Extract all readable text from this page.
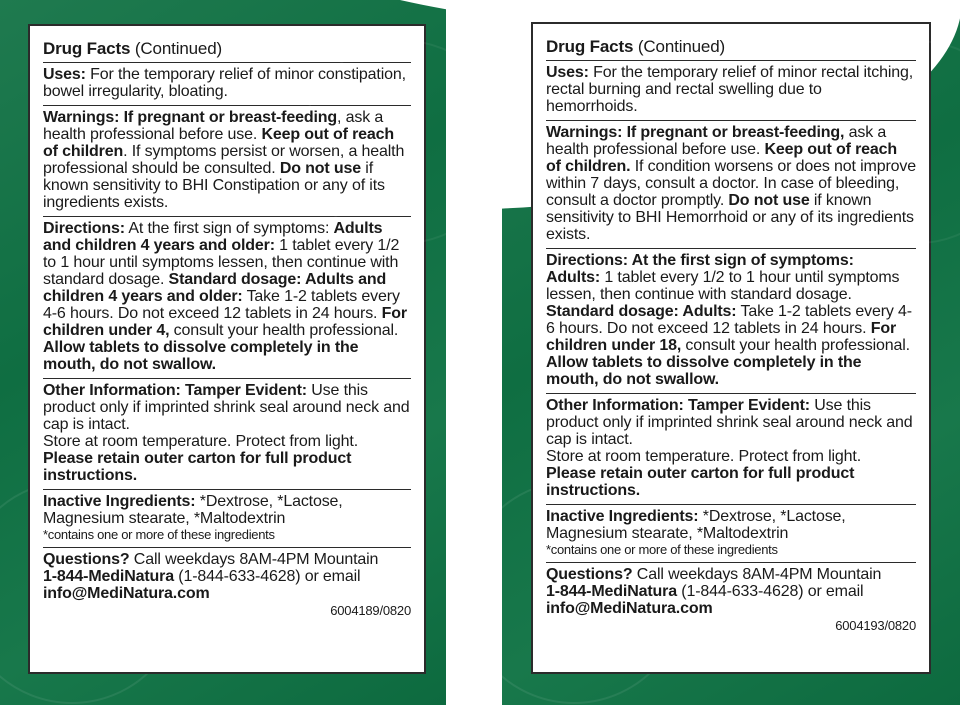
Drug Facts (Continued)
Uses: For the temporary relief of minor constipation, bowel irregularity, bloating.
Warnings: If pregnant or breast-feeding, ask a health professional before use. Keep out of reach of children. If symptoms persist or worsen, a health professional should be consulted. Do not use if known sensitivity to BHI Constipation or any of its ingredients exists.
Directions: At the first sign of symptoms: Adults and children 4 years and older: 1 tablet every 1/2 to 1 hour until symptoms lessen, then continue with standard dosage. Standard dosage: Adults and children 4 years and older: Take 1-2 tablets every 4-6 hours. Do not exceed 12 tablets in 24 hours. For children under 4, consult your health professional. Allow tablets to dissolve completely in the mouth, do not swallow.

Other Information: Tamper Evident: Use this product only if imprinted shrink seal around neck and cap is intact.

Store at room temperature. Protect from light.

Please retain outer carton for full product instructions.

Inactive Ingredients: *Dextrose, *Lactose, Magnesium stearate, *Maltodextrin

*contains one or more of these ingredients

Questions? Call weekdays 8AM-4PM Mountain

1-844-MediNatura (1-844-633-4628) or email

info@MediNatura.com

6004189/0820

Drug Facts (Continued)
Uses: For the temporary relief of minor rectal itching, rectal burning and rectal swelling due to hemorrhoids.
Warnings: If pregnant or breast-feeding, ask a health professional before use. Keep out of reach of children. If condition worsens or does not improve within 7 days, consult a doctor. In case of bleeding, consult a doctor promptly. Do not use if known sensitivity to BHI Hemorrhoid or any of its ingredients exists.

Directions: At the first sign of symptoms:

Adults: 1 tablet every 1/2 to 1 hour until symptoms lessen, then continue with standard dosage. Standard dosage: Adults: Take 1-2 tablets every 4-6 hours. Do not exceed 12 tablets in 24 hours. For children under 18, consult your health professional.

Allow tablets to dissolve completely in the mouth, do not swallow.

Other Information: Tamper Evident: Use this product only if imprinted shrink seal around neck and cap is intact.

Store at room temperature. Protect from light.

Please retain outer carton for full product instructions.

Inactive Ingredients: *Dextrose, *Lactose, Magnesium stearate, *Maltodextrin

*contains one or more of these ingredients

Questions? Call weekdays 8AM-4PM Mountain

1-844-MediNatura (1-844-633-4628) or email

info@MediNatura.com

6004193/0820
